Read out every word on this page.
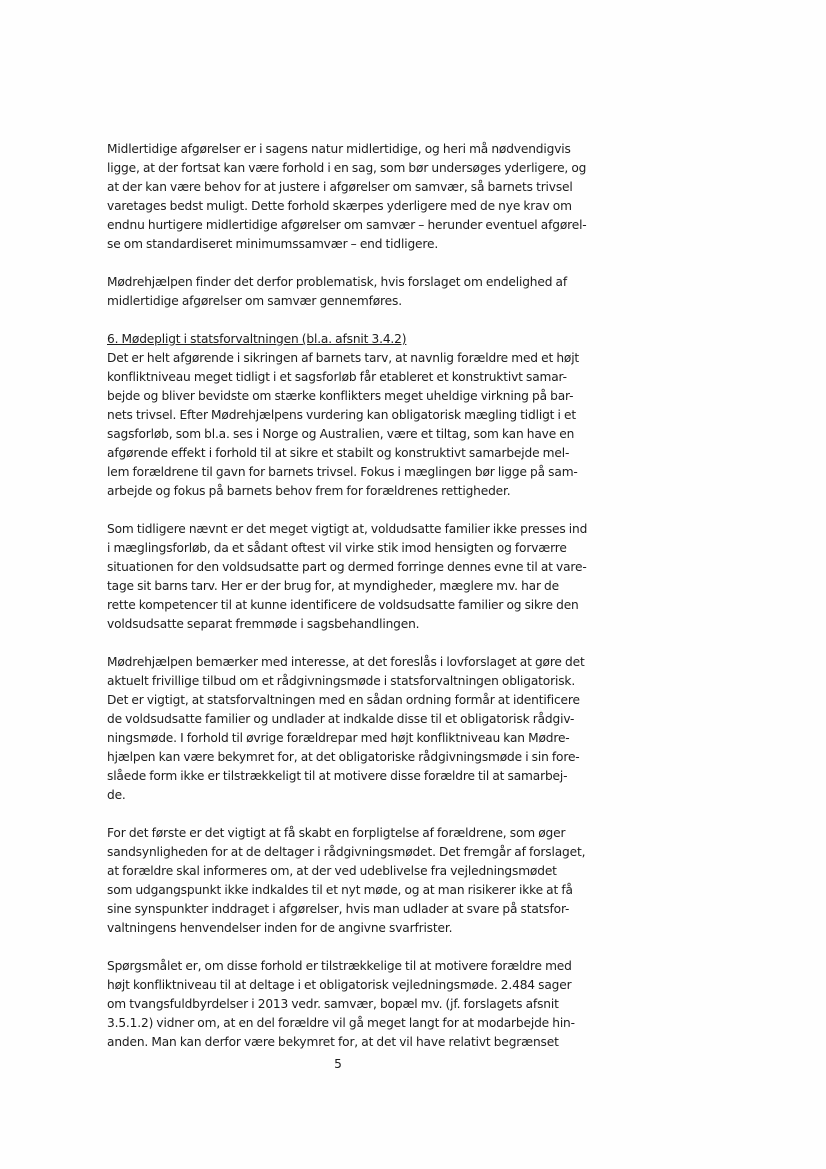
Midlertidige afgørelser er i sagens natur midlertidige, og heri må nødvendigvis
ligge, at der fortsat kan være forhold i en sag, som bør undersøges yderligere, og
at der kan være behov for at justere i afgørelser om samvær, så barnets trivsel
varetages bedst muligt. Dette forhold skærpes yderligere med de nye krav om
endnu hurtigere midlertidige afgørelser om samvær – herunder eventuel afgørel-
se om standardiseret minimumssamvær – end tidligere.
Mødrehjælpen finder det derfor problematisk, hvis forslaget om endelighed af
midlertidige afgørelser om samvær gennemføres.
6. Mødepligt i statsforvaltningen (bl.a. afsnit 3.4.2)
Det er helt afgørende i sikringen af barnets tarv, at navnlig forældre med et højt
konfliktniveau meget tidligt i et sagsforløb får etableret et konstruktivt samar-
bejde og bliver bevidste om stærke konflikters meget uheldige virkning på bar-
nets trivsel. Efter Mødrehjælpens vurdering kan obligatorisk mægling tidligt i et
sagsforløb, som bl.a. ses i Norge og Australien, være et tiltag, som kan have en
afgørende effekt i forhold til at sikre et stabilt og konstruktivt samarbejde mel-
lem forældrene til gavn for barnets trivsel. Fokus i mæglingen bør ligge på sam-
arbejde og fokus på barnets behov frem for forældrenes rettigheder.
Som tidligere nævnt er det meget vigtigt at, voldudsatte familier ikke presses ind
i mæglingsforløb, da et sådant oftest vil virke stik imod hensigten og forværre
situationen for den voldsudsatte part og dermed forringe dennes evne til at vare-
tage sit barns tarv. Her er der brug for, at myndigheder, mæglere mv. har de
rette kompetencer til at kunne identificere de voldsudsatte familier og sikre den
voldsudsatte separat fremmøde i sagsbehandlingen.
Mødrehjælpen bemærker med interesse, at det foreslås i lovforslaget at gøre det
aktuelt frivillige tilbud om et rådgivningsmøde i statsforvaltningen obligatorisk.
Det er vigtigt, at statsforvaltningen med en sådan ordning formår at identificere
de voldsudsatte familier og undlader at indkalde disse til et obligatorisk rådgiv-
ningsmøde. I forhold til øvrige forældrepar med højt konfliktniveau kan Mødre-
hjælpen kan være bekymret for, at det obligatoriske rådgivningsmøde i sin fore-
slåede form ikke er tilstrækkeligt til at motivere disse forældre til at samarbej-
de.
For det første er det vigtigt at få skabt en forpligtelse af forældrene, som øger
sandsynligheden for at de deltager i rådgivningsmødet. Det fremgår af forslaget,
at forældre skal informeres om, at der ved udeblivelse fra vejledningsmødet
som udgangspunkt ikke indkaldes til et nyt møde, og at man risikerer ikke at få
sine synspunkter inddraget i afgørelser, hvis man udlader at svare på statsfor-
valtningens henvendelser inden for de angivne svarfrister.
Spørgsmålet er, om disse forhold er tilstrækkelige til at motivere forældre med
højt konfliktniveau til at deltage i et obligatorisk vejledningsmøde. 2.484 sager
om tvangsfuldbyrdelser i 2013 vedr. samvær, bopæl mv. (jf. forslagets afsnit
3.5.1.2) vidner om, at en del forældre vil gå meget langt for at modarbejde hin-
anden. Man kan derfor være bekymret for, at det vil have relativt begrænset
5
